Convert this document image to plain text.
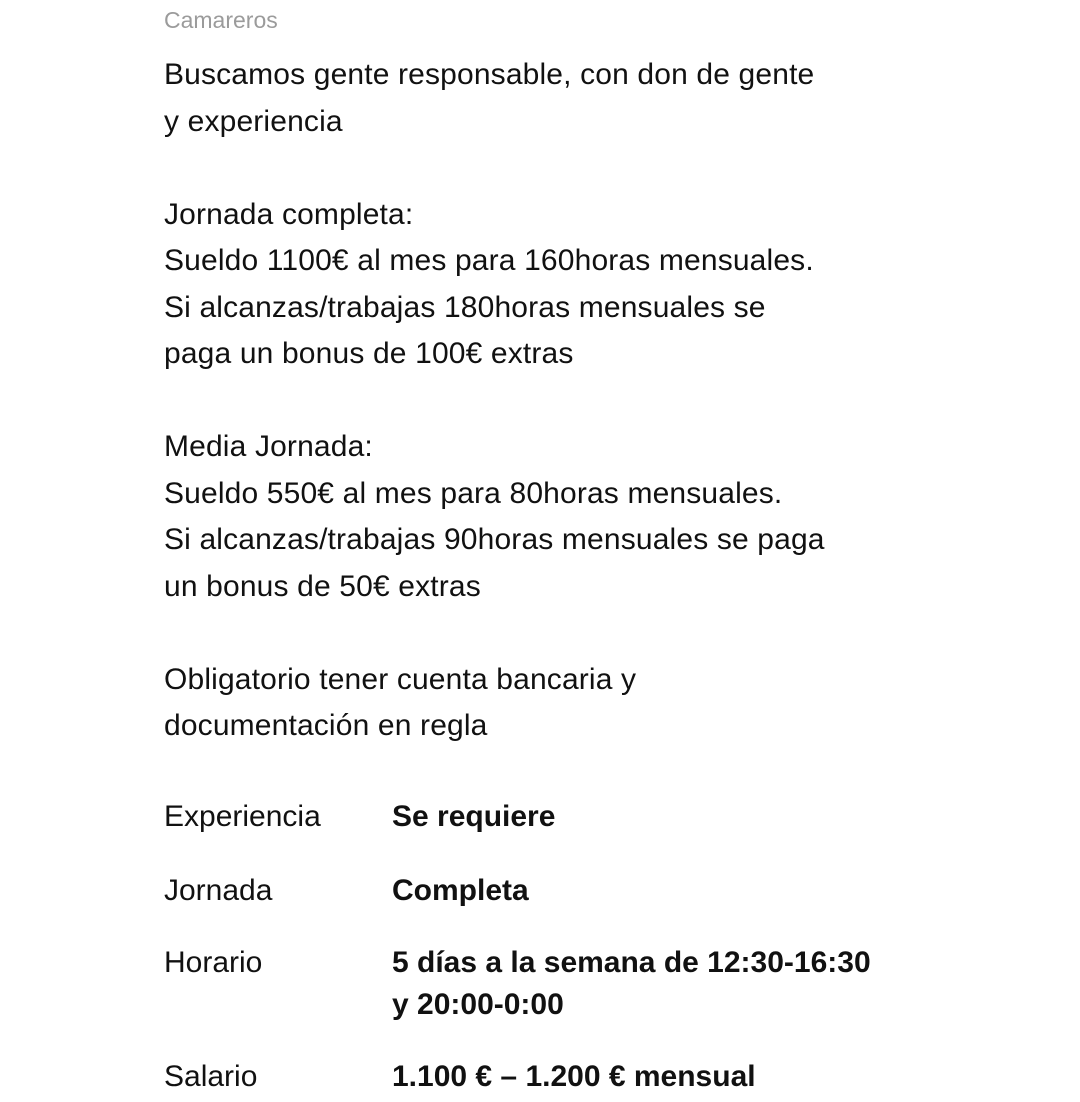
Camareros

Buscamos gente responsable, con don de gente
y experiencia

Jornada completa:
Sueldo 1100€ al mes para 160horas mensuales.
Si alcanzas/trabajas 180horas mensuales se
paga un bonus de 100€ extras

Media Jornada:
Sueldo 550€ al mes para 80horas mensuales.
Si alcanzas/trabajas 90horas mensuales se paga
un bonus de 50€ extras

Obligatorio tener cuenta bancaria y
documentación en regla

Experiencia Se requiere
Jornada	Completa
Horario	5 días a la semana de 12:30-16:30
y 20:00-0:00
Salario	1.100 € – 1.200 € mensual
